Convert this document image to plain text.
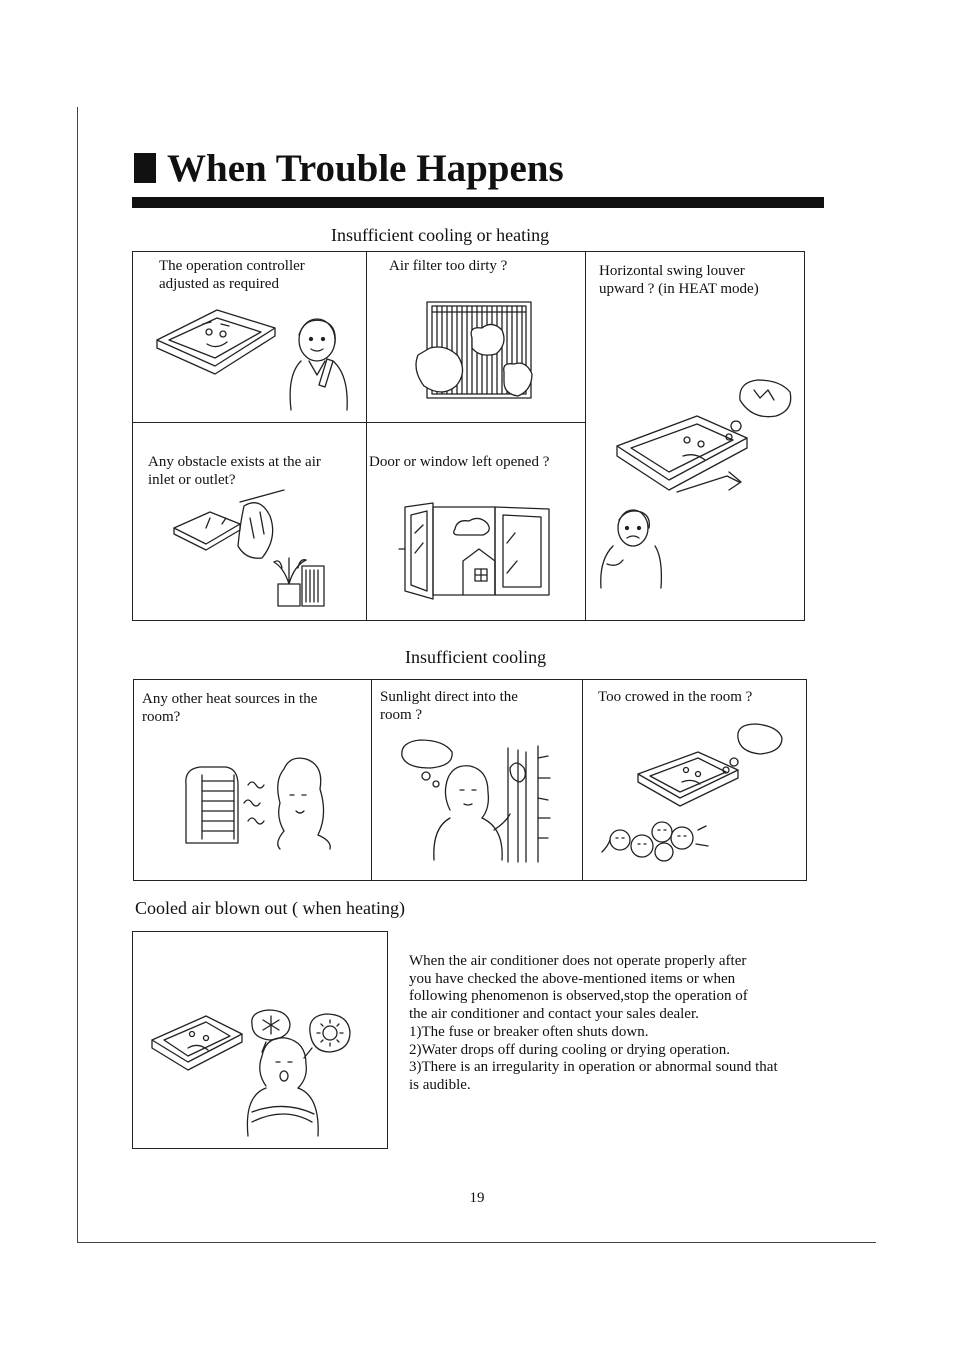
When Trouble Happens
Insufficient cooling or heating
The operation controller
adjusted as required
Air filter too dirty ?	Horizontal swing louver
upward ? (in HEAT mode)
Any obstacle exists at the air
inlet or outlet?
Door or window left opened ?
Insufficient cooling
Any other heat sources in the
room?
Sunlight direct into the
room ?
Too crowed in the room ?
Cooled air blown out ( when heating)
When the air conditioner does not operate properly after
you have checked the above-mentioned items or when
following phenomenon is observed,stop the operation of
the air conditioner and contact your sales dealer.
1)The fuse or breaker often shuts down.
2)Water drops off during cooling or drying operation.
3)There is an irregularity in operation or abnormal sound that
is audible.
19
